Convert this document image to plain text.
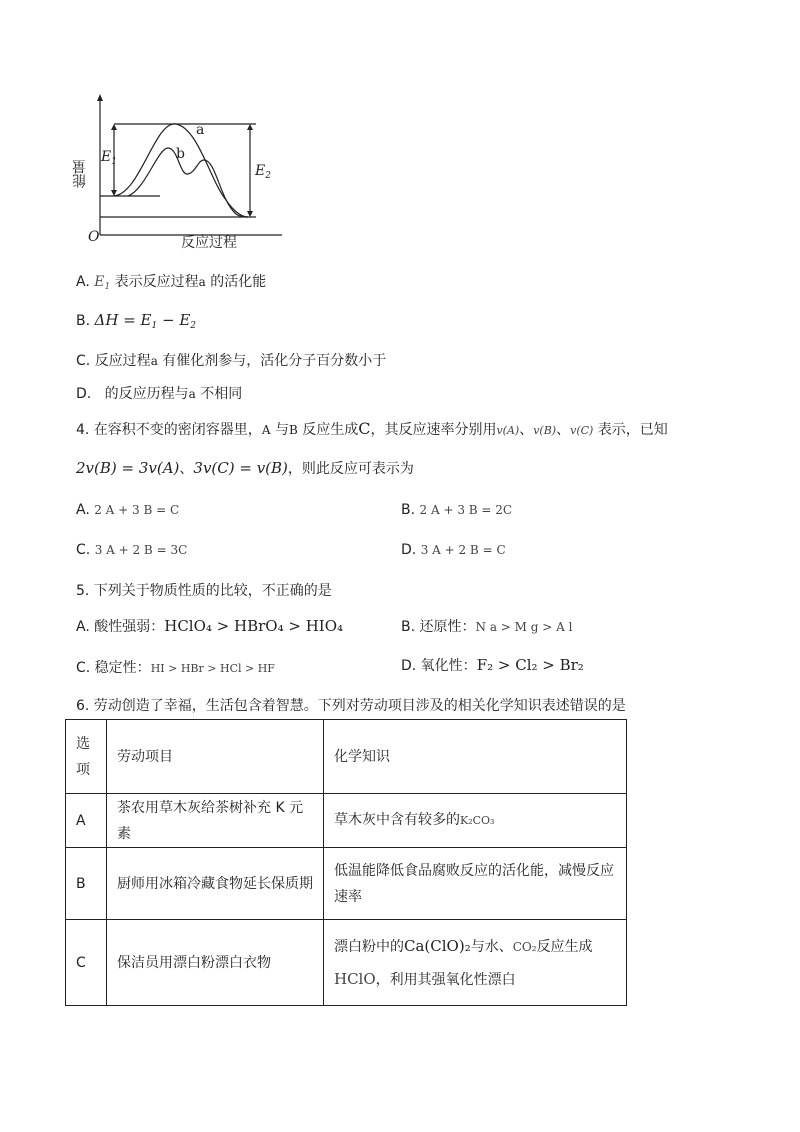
能量
O	反应过程
a
b
$E_1$
$E_2$
A. $E_1$ 表示反应过程a 的活化能
B. $\Delta H = E_1 - E_2$
C. 反应过程a 有催化剂参与，活化分子百分数小于
D. 的反应历程与a 不相同
4. 在容积不变的密闭容器里，A 与B 反应生成C，其反应速率分别用v(A)、v(B)、v(C) 表示，已知
2v(B) = 3v(A)、3v(C) = v(B)，则此反应可表示为
A. 2 A + 3 B = C	B. 2 A + 3 B = 2C
C. 3 A + 2 B = 3C	D. 3 A + 2 B = C
5. 下列关于物质性质的比较，不正确的是
A. 酸性强弱：HClO₄ > HBrO₄ > HIO₄	B. 还原性：N a > M g > A l
C. 稳定性：HI > HBr > HCl > HF	D. 氧化性：F₂ > Cl₂ > Br₂
6. 劳动创造了幸福，生活包含着智慧。下列对劳动项目涉及的相关化学知识表述错误的是
选
项	劳动项目	化学知识
A	茶农用草木灰给茶树补充 K 元素	草木灰中含有较多的K₂CO₃
B	厨师用冰箱冷藏食物延长保质期	低温能降低食品腐败反应的活化能，减慢反应
速率

C	保洁员用漂白粉漂白衣物	漂白粉中的Ca(ClO)₂与水、CO₂反应生成
HClO，利用其强氧化性漂白
